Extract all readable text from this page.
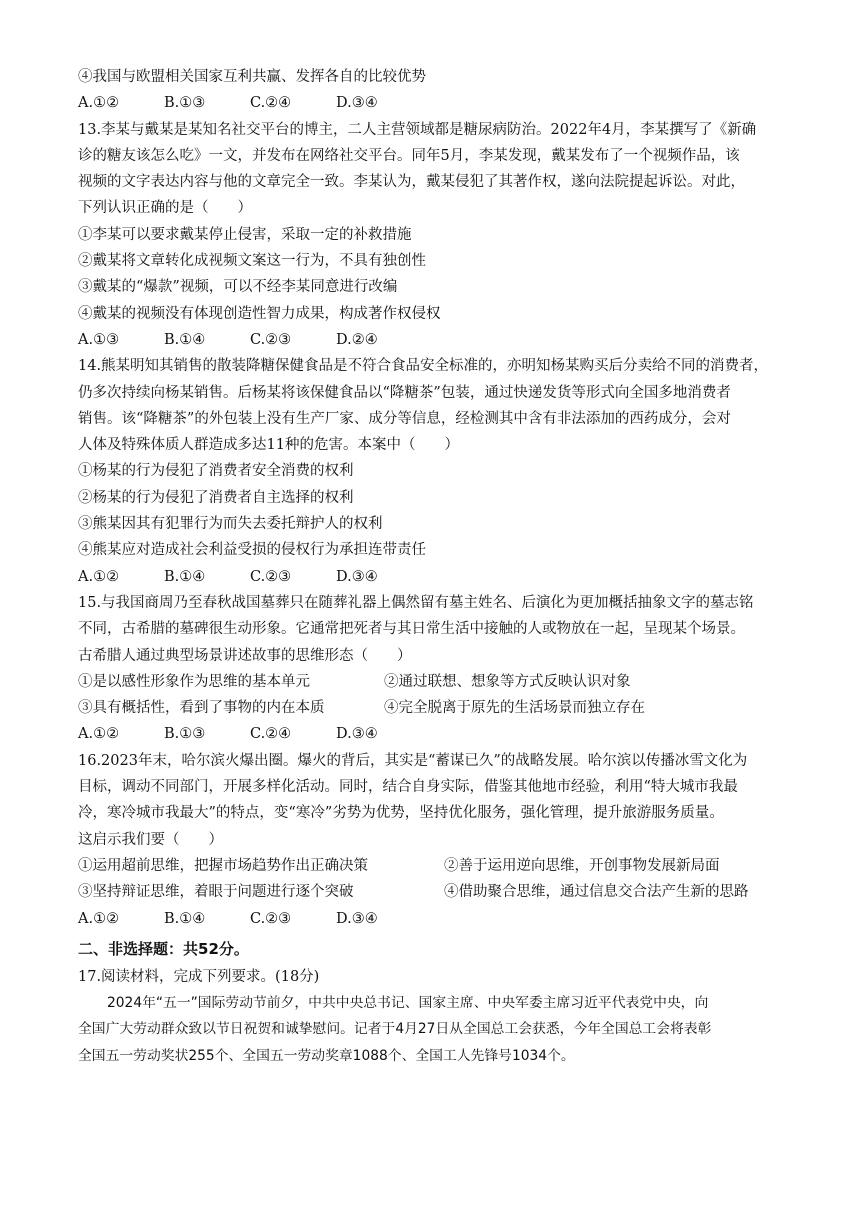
④我国与欧盟相关国家互利共赢、发挥各自的比较优势
A.①②	B.①③	C.②④	D.③④
13.李某与戴某是某知名社交平台的博主，二人主营领域都是糖尿病防治。2022年4月，李某撰写了《新确
诊的糖友该怎么吃》一文，并发布在网络社交平台。同年5月，李某发现，戴某发布了一个视频作品，该
视频的文字表达内容与他的文章完全一致。李某认为，戴某侵犯了其著作权，遂向法院提起诉讼。对此，
下列认识正确的是（　　）
①李某可以要求戴某停止侵害，采取一定的补救措施
②戴某将文章转化成视频文案这一行为，不具有独创性
③戴某的“爆款”视频，可以不经李某同意进行改编
④戴某的视频没有体现创造性智力成果，构成著作权侵权
A.①③	B.①④	C.②③	D.②④
14.熊某明知其销售的散装降糖保健食品是不符合食品安全标准的，亦明知杨某购买后分卖给不同的消费者，
仍多次持续向杨某销售。后杨某将该保健食品以“降糖茶”包装，通过快递发货等形式向全国多地消费者
销售。该“降糖茶”的外包装上没有生产厂家、成分等信息，经检测其中含有非法添加的西药成分，会对
人体及特殊体质人群造成多达11种的危害。本案中（　　）
①杨某的行为侵犯了消费者安全消费的权利
②杨某的行为侵犯了消费者自主选择的权利
③熊某因其有犯罪行为而失去委托辩护人的权利
④熊某应对造成社会利益受损的侵权行为承担连带责任
A.①②	B.①④	C.②③	D.③④
15.与我国商周乃至春秋战国墓葬只在随葬礼器上偶然留有墓主姓名、后演化为更加概括抽象文字的墓志铭
不同，古希腊的墓碑很生动形象。它通常把死者与其日常生活中接触的人或物放在一起，呈现某个场景。
古希腊人通过典型场景讲述故事的思维形态（　　）
①是以感性形象作为思维的基本单元	②通过联想、想象等方式反映认识对象
③具有概括性，看到了事物的内在本质	④完全脱离于原先的生活场景而独立存在
A.①②	B.①③	C.②④	D.③④
16.2023年末，哈尔滨火爆出圈。爆火的背后，其实是“蓄谋已久”的战略发展。哈尔滨以传播冰雪文化为
目标，调动不同部门，开展多样化活动。同时，结合自身实际，借鉴其他地市经验，利用“特大城市我最
冷，寒冷城市我最大”的特点，变“寒冷”劣势为优势，坚持优化服务，强化管理，提升旅游服务质量。
这启示我们要（　　）
①运用超前思维，把握市场趋势作出正确决策	②善于运用逆向思维，开创事物发展新局面
③坚持辩证思维，着眼于问题进行逐个突破	④借助聚合思维，通过信息交合法产生新的思路
A.①②	B.①④	C.②③	D.③④
二、非选择题：共52分。
17.阅读材料，完成下列要求。(18分)
2024年“五一”国际劳动节前夕，中共中央总书记、国家主席、中央军委主席习近平代表党中央，向
全国广大劳动群众致以节日祝贺和诚挚慰问。记者于4月27日从全国总工会获悉，今年全国总工会将表彰
全国五一劳动奖状255个、全国五一劳动奖章1088个、全国工人先锋号1034个。
